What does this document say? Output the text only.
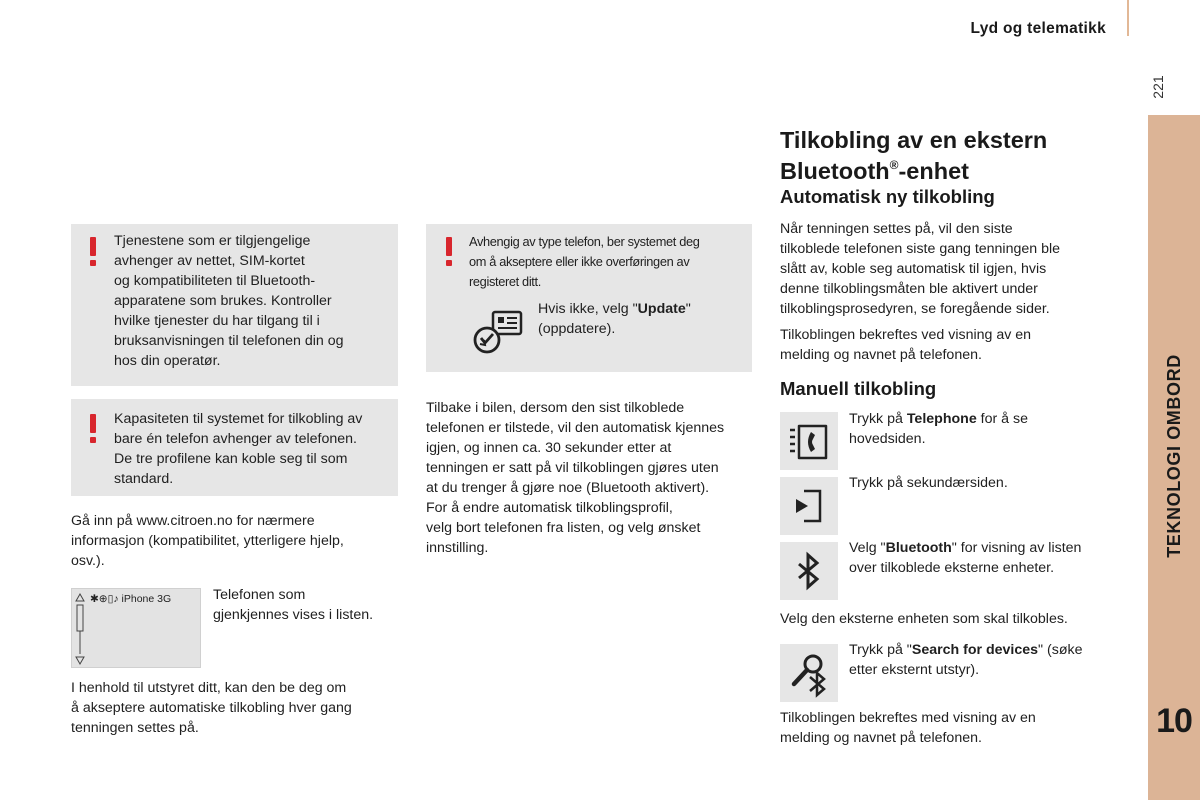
Lyd og telematikk
221
TEKNOLOGI OMBORD
10
Tjenestene som er tilgjengelige
avhenger av nettet, SIM-kortet
og kompatibiliteten til Bluetooth-
apparatene som brukes. Kontroller
hvilke tjenester du har tilgang til i
bruksanvisningen til telefonen din og
hos din operatør.
Kapasiteten til systemet for tilkobling av
bare én telefon avhenger av telefonen.
De tre profilene kan koble seg til som
standard.
Gå inn på www.citroen.no for nærmere
informasjon (kompatibilitet, ytterligere hjelp,
osv.).
✱⊕▯♪ iPhone 3G	Telefonen som
gjenkjennes vises i listen.
I henhold til utstyret ditt, kan den be deg om
å akseptere automatiske tilkobling hver gang
tenningen settes på.
Avhengig av type telefon, ber systemet deg
om å akseptere eller ikke overføringen av
registeret ditt.
Hvis ikke, velg "Update"
(oppdatere).
Tilbake i bilen, dersom den sist tilkoblede
telefonen er tilstede, vil den automatisk kjennes
igjen, og innen ca. 30 sekunder etter at
tenningen er satt på vil tilkoblingen gjøres uten
at du trenger å gjøre noe (Bluetooth aktivert).
For å endre automatisk tilkoblingsprofil,
velg bort telefonen fra listen, og velg ønsket
innstilling.
Tilkobling av en ekstern
Bluetooth®-enhet
Automatisk ny tilkobling
Når tenningen settes på, vil den siste
tilkoblede telefonen siste gang tenningen ble
slått av, koble seg automatisk til igjen, hvis
denne tilkoblingsmåten ble aktivert under
tilkoblingsprosedyren, se foregående sider.
Tilkoblingen bekreftes ved visning av en
melding og navnet på telefonen.
Manuell tilkobling
Trykk på Telephone for å se
hovedsiden.
Trykk på sekundærsiden.
Velg "Bluetooth" for visning av listen
over tilkoblede eksterne enheter.
Velg den eksterne enheten som skal tilkobles.
Trykk på "Search for devices" (søke
etter eksternt utstyr).
Tilkoblingen bekreftes med visning av en
melding og navnet på telefonen.
